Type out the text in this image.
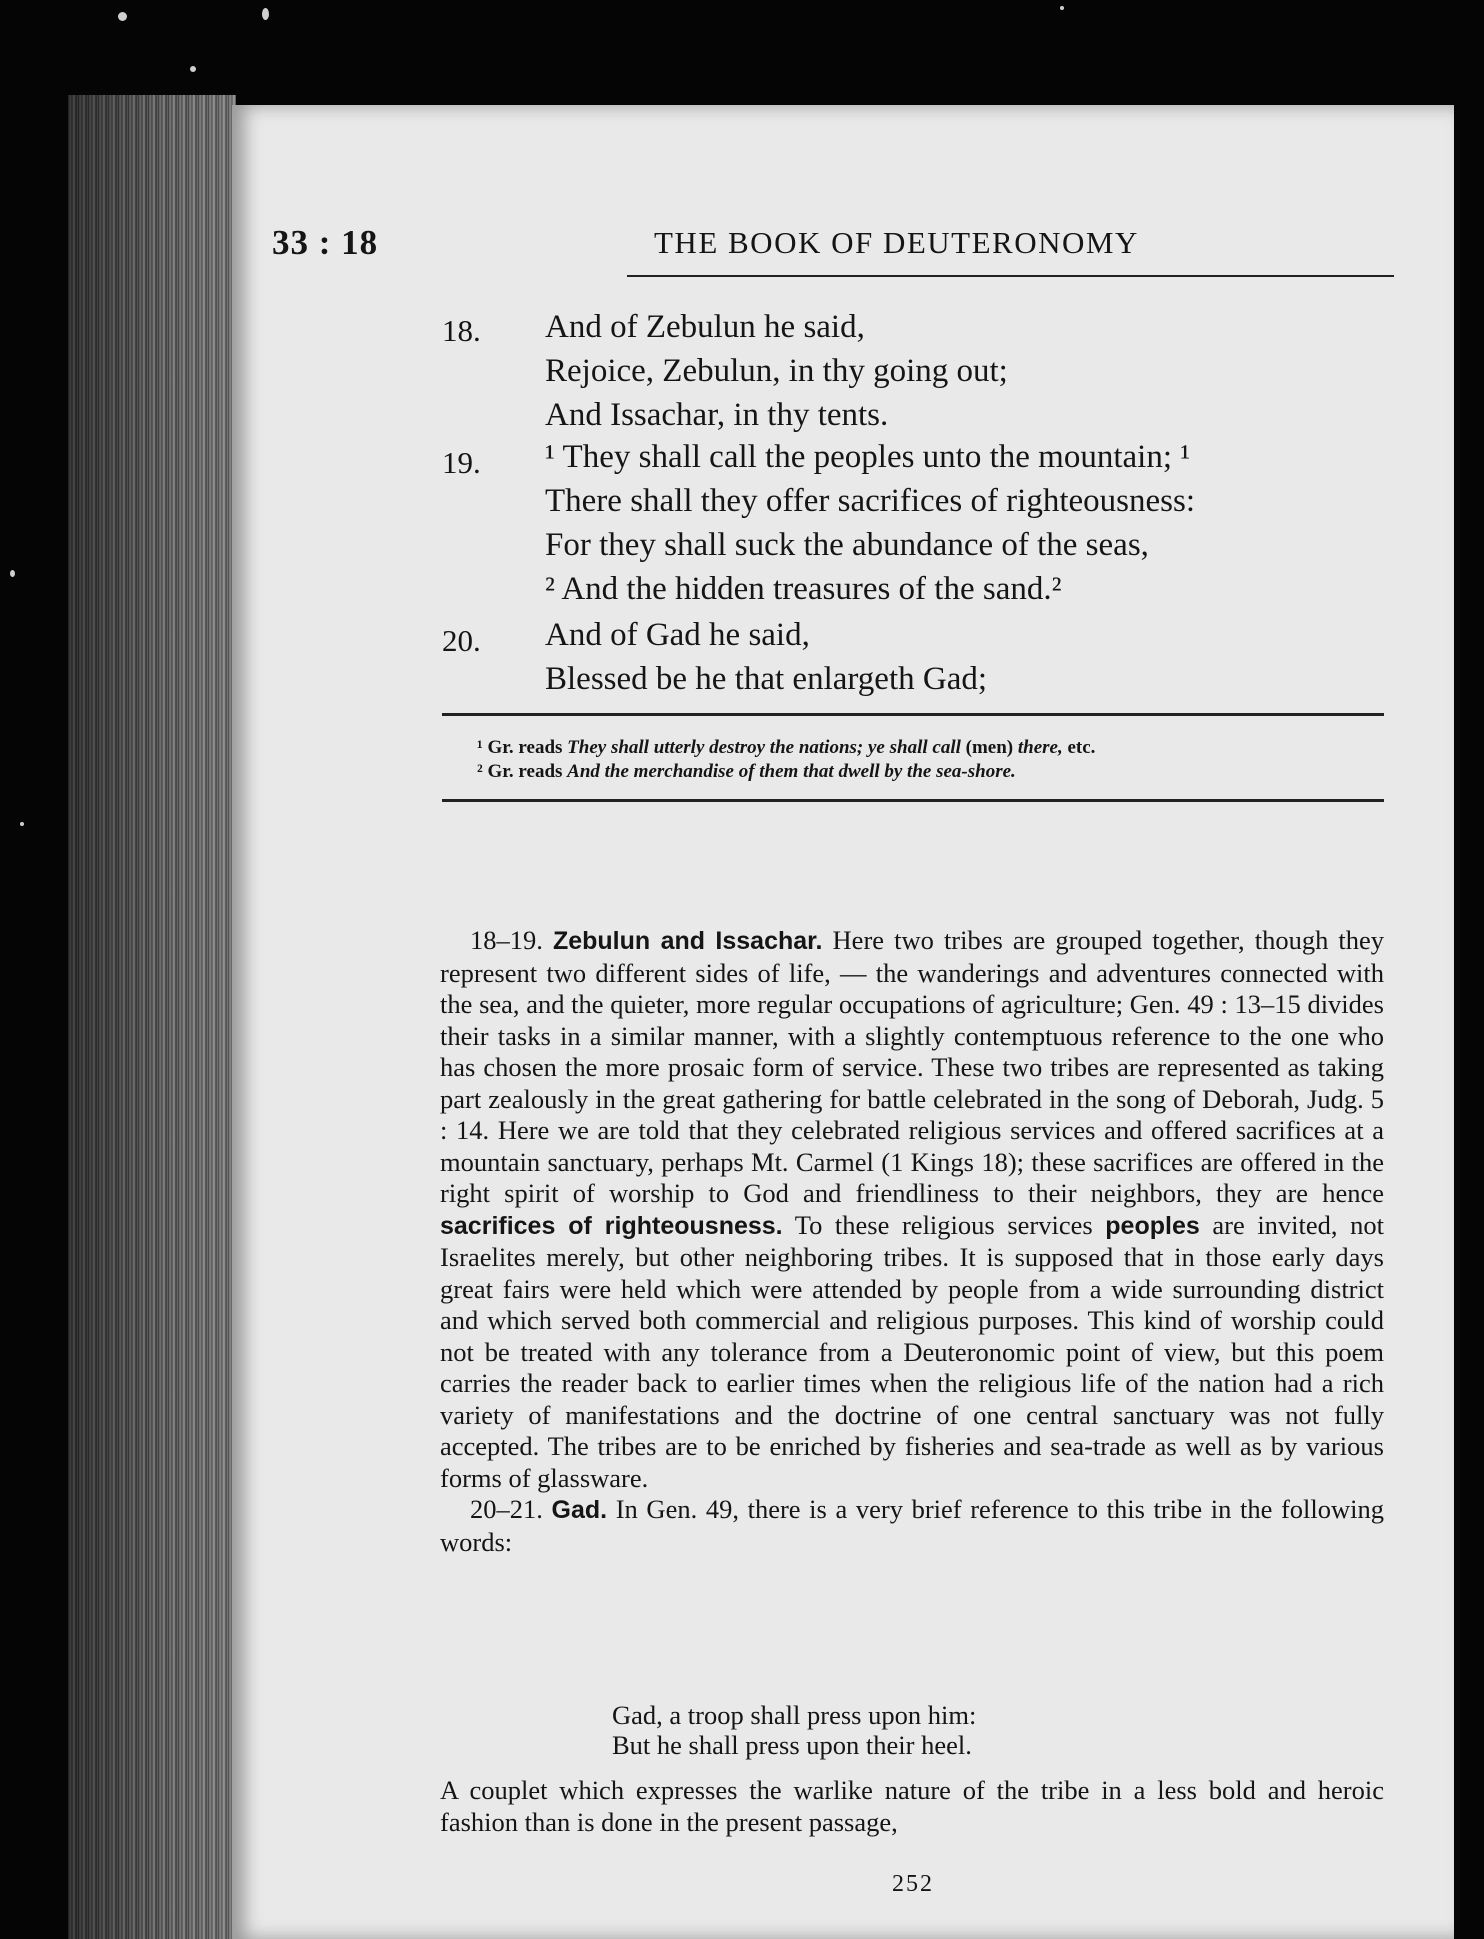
33 : 18	THE BOOK OF DEUTERONOMY
18. And of Zebulun he said,
Rejoice, Zebulun, in thy going out;
And Issachar, in thy tents.
19. ¹ They shall call the peoples unto the mountain; ¹
There shall they offer sacrifices of righteousness:
For they shall suck the abundance of the seas,
² And the hidden treasures of the sand.²
20. And of Gad he said,
Blessed be he that enlargeth Gad;
¹ Gr. reads They shall utterly destroy the nations; ye shall call (men) there, etc.
² Gr. reads And the merchandise of them that dwell by the sea-shore.

18–19. Zebulun and Issachar. Here two tribes are grouped together, though they represent two different sides of life, — the wanderings and adventures connected with the sea, and the quieter, more regular occupations of agriculture; Gen. 49 : 13–15 divides their tasks in a similar manner, with a slightly contemptuous reference to the one who has chosen the more prosaic form of service. These two tribes are represented as taking part zealously in the great gathering for battle celebrated in the song of Deborah, Judg. 5 : 14. Here we are told that they celebrated religious services and offered sacrifices at a mountain sanctuary, perhaps Mt. Carmel (1 Kings 18); these sacrifices are offered in the right spirit of worship to God and friendliness to their neighbors, they are hence sacrifices of righteousness. To these religious services peoples are invited, not Israelites merely, but other neighboring tribes. It is supposed that in those early days great fairs were held which were attended by people from a wide surrounding district and which served both commercial and religious purposes. This kind of worship could not be treated with any tolerance from a Deuteronomic point of view, but this poem carries the reader back to earlier times when the religious life of the nation had a rich variety of manifestations and the doctrine of one central sanctuary was not fully accepted. The tribes are to be enriched by fisheries and sea-trade as well as by various forms of glassware.

20–21. Gad. In Gen. 49, there is a very brief reference to this tribe in the following words:

Gad, a troop shall press upon him:
But he shall press upon their heel.
A couplet which expresses the warlike nature of the tribe in a less bold and heroic fashion than is done in the present passage,
252
